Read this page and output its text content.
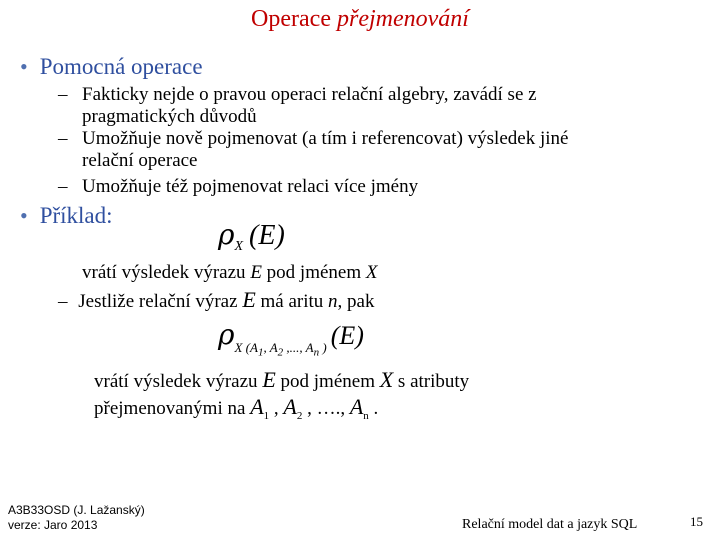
Operace přejmenování
• Pomocná operace
– Fakticky nejde o pravou operaci relační algebry, zavádí se z
pragmatických důvodů
– Umožňuje nově pojmenovat (a tím i referencovat) výsledek jiné
relační operace
– Umožňuje též pojmenovat relaci více jmény
• Příklad:
ρX (E)
vrátí výsledek výrazu E pod jménem X
– Jestliže relační výraz E má aritu n, pak
$\rho_{X (A_1, A_2 ,..., A_n )}$ (E)
vrátí výsledek výrazu E pod jménem X s atributy
přejmenovanými na $A_1$ , $A_2$ , …., $A_n$ .
A3B33OSD (J. Lažanský)
verze: Jaro 2013	Relační model dat a jazyk SQL	15
